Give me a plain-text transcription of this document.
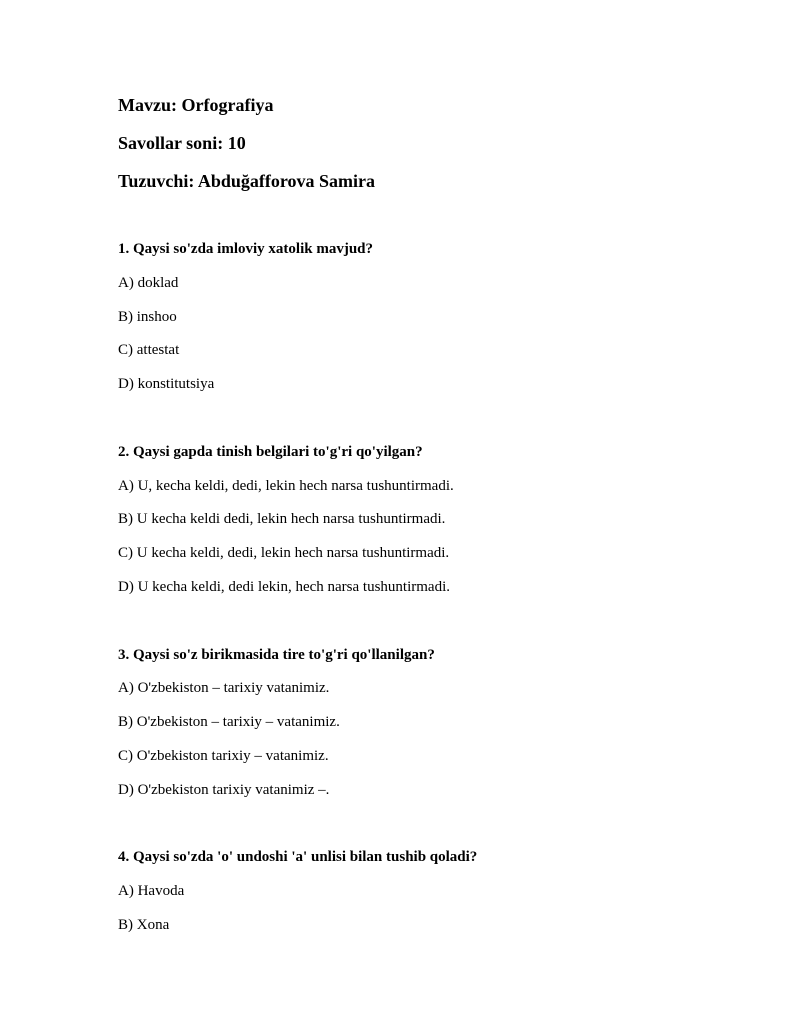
Mavzu: Orfografiya
Savollar soni: 10
Tuzuvchi: Abduğafforova Samira
1. Qaysi so'zda imloviy xatolik mavjud?
A) doklad
B) inshoo
C) attestat
D) konstitutsiya
2. Qaysi gapda tinish belgilari to'g'ri qo'yilgan?
A) U, kecha keldi, dedi, lekin hech narsa tushuntirmadi.
B) U kecha keldi dedi, lekin hech narsa tushuntirmadi.
C) U kecha keldi, dedi, lekin hech narsa tushuntirmadi.
D) U kecha keldi, dedi lekin, hech narsa tushuntirmadi.
3. Qaysi so'z birikmasida tire to'g'ri qo'llanilgan?
A) O'zbekiston – tarixiy vatanimiz.
B) O'zbekiston – tarixiy – vatanimiz.
C) O'zbekiston tarixiy – vatanimiz.
D) O'zbekiston tarixiy vatanimiz –.
4. Qaysi so'zda 'o' undoshi 'a' unlisi bilan tushib qoladi?
A) Havoda
B) Xona
